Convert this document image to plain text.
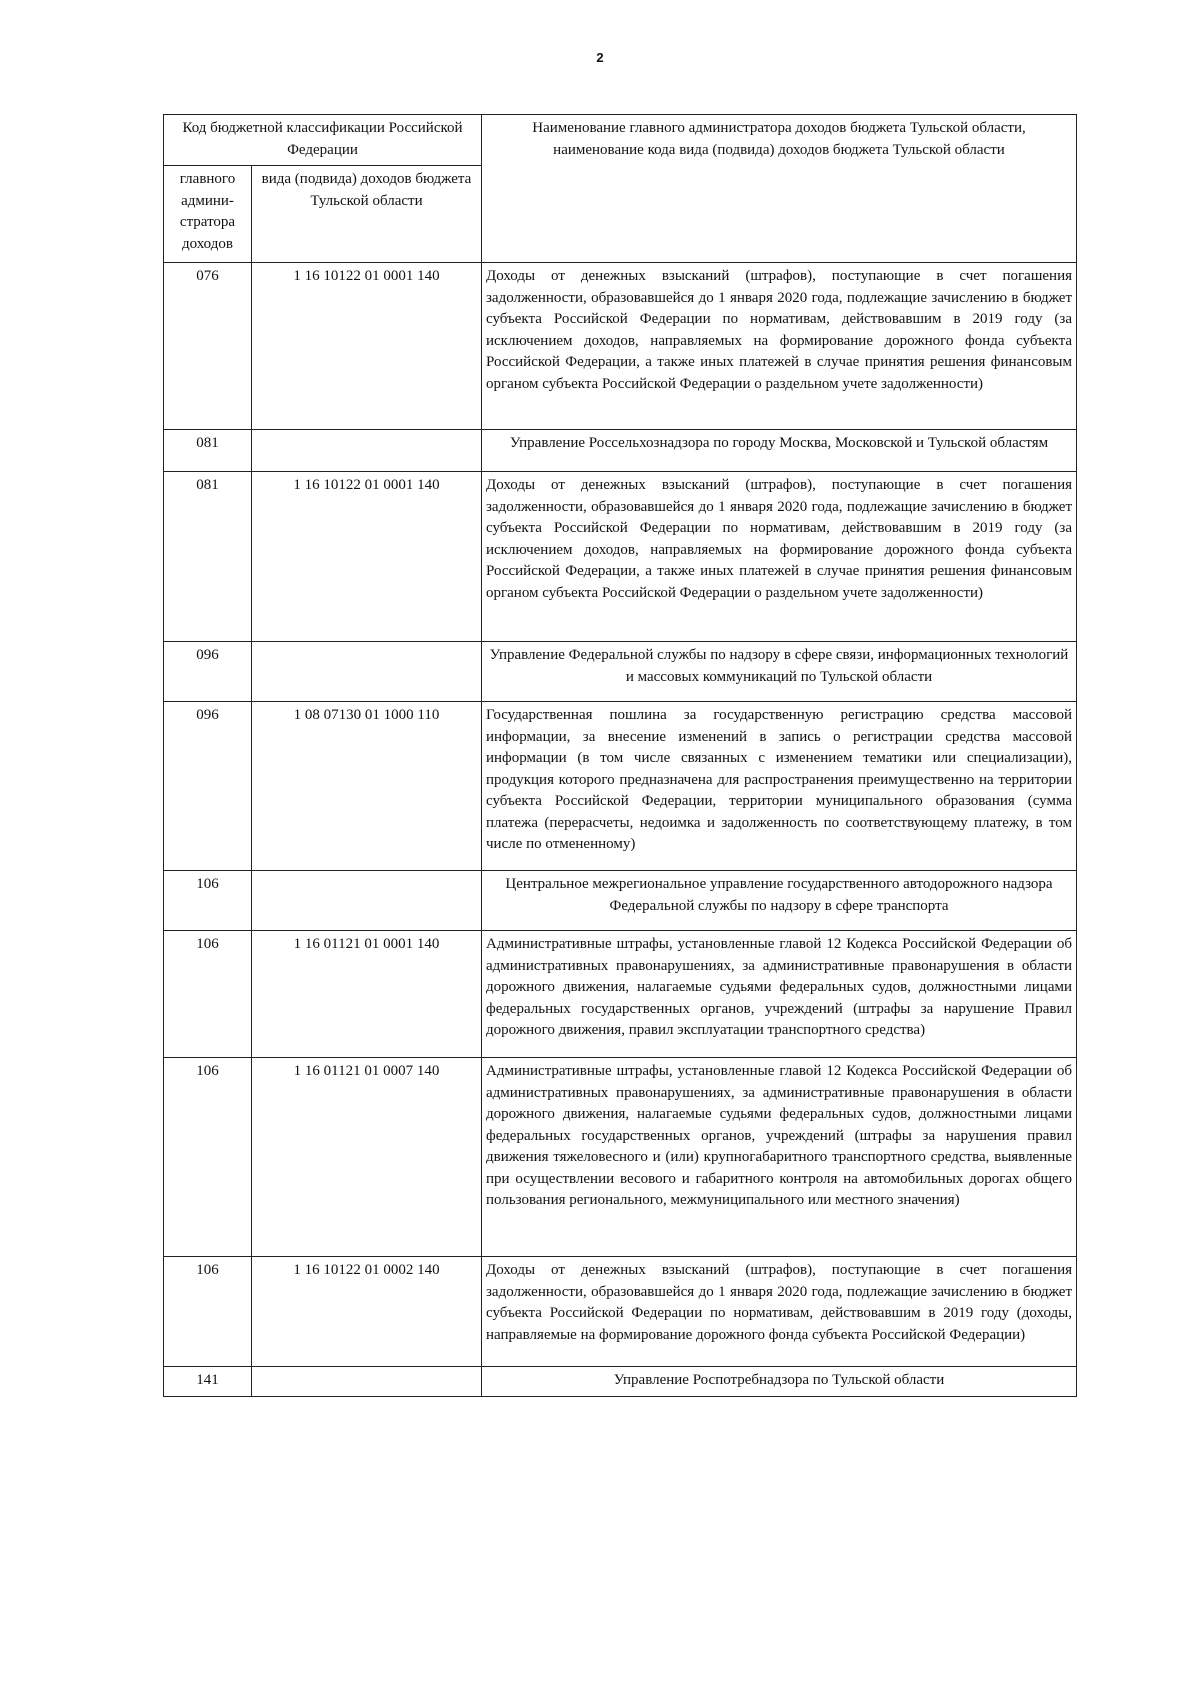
2
Код бюджетной классификации Российской Федерации		Наименование главного администратора доходов бюджета Тульской области, наименование кода вида (подвида) доходов бюджета Тульской области
главного админи-стратора доходов	вида (подвида) доходов бюджета Тульской области	
076	1 16 10122 01 0001 140	Доходы от денежных взысканий (штрафов), поступающие в счет погашения задолженности, образовавшейся до 1 января 2020 года, подлежащие зачислению в бюджет субъекта Российской Федерации по нормативам, действовавшим в 2019 году (за исключением доходов, направляемых на формирование дорожного фонда субъекта Российской Федерации, а также иных платежей в случае принятия решения финансовым органом субъекта Российской Федерации о раздельном учете задолженности)
081		Управление Россельхознадзора по городу Москва, Московской и Тульской областям
081	1 16 10122 01 0001 140	Доходы от денежных взысканий (штрафов), поступающие в счет погашения задолженности, образовавшейся до 1 января 2020 года, подлежащие зачислению в бюджет субъекта Российской Федерации по нормативам, действовавшим в 2019 году (за исключением доходов, направляемых на формирование дорожного фонда субъекта Российской Федерации, а также иных платежей в случае принятия решения финансовым органом субъекта Российской Федерации о раздельном учете задолженности)
096		Управление Федеральной службы по надзору в сфере связи, информационных технологий и массовых коммуникаций по Тульской области
096	1 08 07130 01 1000 110	Государственная пошлина за государственную регистрацию средства массовой информации, за внесение изменений в запись о регистрации средства массовой информации (в том числе связанных с изменением тематики или специализации), продукция которого предназначена для распространения преимущественно на территории субъекта Российской Федерации, территории муниципального образования (сумма платежа (перерасчеты, недоимка и задолженность по соответствующему платежу, в том числе по отмененному)
106		Центральное межрегиональное управление государственного автодорожного надзора Федеральной службы по надзору в сфере транспорта
106	1 16 01121 01 0001 140	Административные штрафы, установленные главой 12 Кодекса Российской Федерации об административных правонарушениях, за административные правонарушения в области дорожного движения, налагаемые судьями федеральных судов, должностными лицами федеральных государственных органов, учреждений (штрафы за нарушение Правил дорожного движения, правил эксплуатации транспортного средства)
106	1 16 01121 01 0007 140	Административные штрафы, установленные главой 12 Кодекса Российской Федерации об административных правонарушениях, за административные правонарушения в области дорожного движения, налагаемые судьями федеральных судов, должностными лицами федеральных государственных органов, учреждений (штрафы за нарушения правил движения тяжеловесного и (или) крупногабаритного транспортного средства, выявленные при осуществлении весового и габаритного контроля на автомобильных дорогах общего пользования регионального, межмуниципального или местного значения)
106	1 16 10122 01 0002 140	Доходы от денежных взысканий (штрафов), поступающие в счет погашения задолженности, образовавшейся до 1 января 2020 года, подлежащие зачислению в бюджет субъекта Российской Федерации по нормативам, действовавшим в 2019 году (доходы, направляемые на формирование дорожного фонда субъекта Российской Федерации)
141		Управление Роспотребнадзора по Тульской области
